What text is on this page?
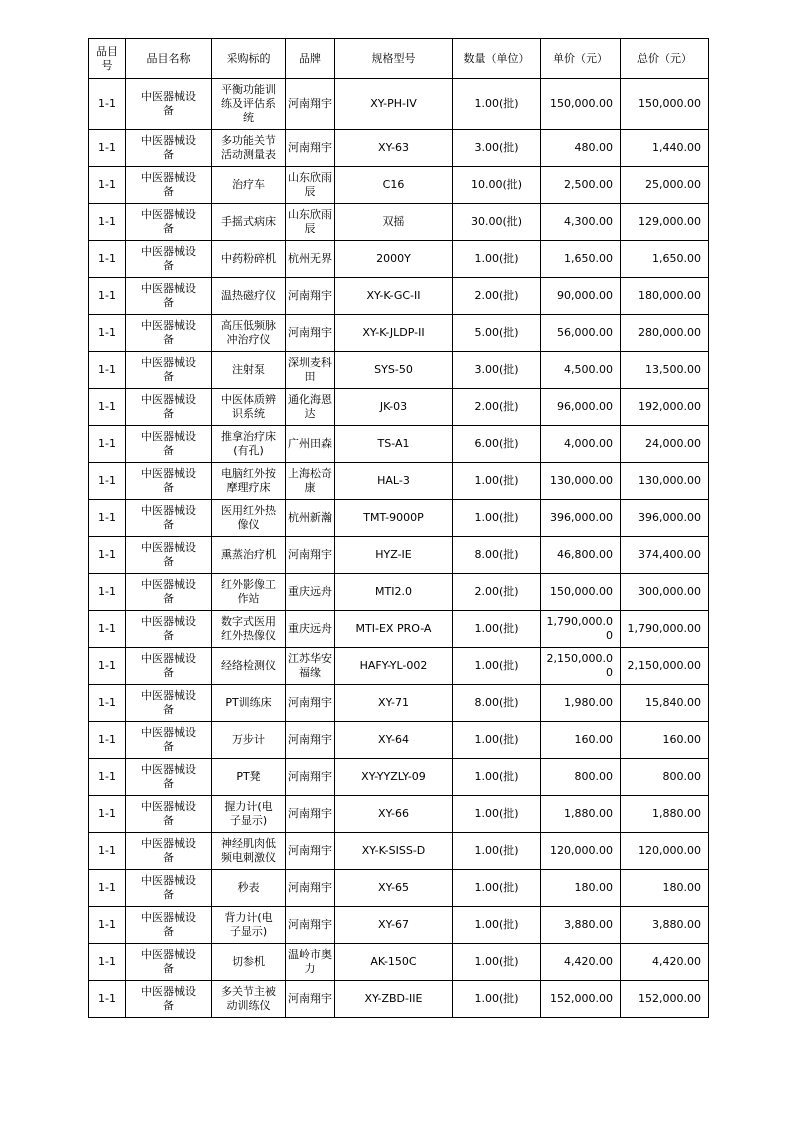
品目号	品目名称	采购标的	品牌	规格型号	数量（单位）	单价（元）	总价（元）
1-1	中医器械设备	平衡功能训练及评估系统	河南翔宇	XY-PH-IV	1.00(批)	150,000.00	150,000.00
1-1	中医器械设备	多功能关节活动测量表	河南翔宇	XY-63	3.00(批)	480.00	1,440.00
1-1	中医器械设备	治疗车	山东欣雨辰	C16	10.00(批)	2,500.00	25,000.00
1-1	中医器械设备	手摇式病床	山东欣雨辰	双摇	30.00(批)	4,300.00	129,000.00
1-1	中医器械设备	中药粉碎机	杭州无界	2000Y	1.00(批)	1,650.00	1,650.00
1-1	中医器械设备	温热磁疗仪	河南翔宇	XY-K-GC-II	2.00(批)	90,000.00	180,000.00
1-1	中医器械设备	高压低频脉冲治疗仪	河南翔宇	XY-K-JLDP-II	5.00(批)	56,000.00	280,000.00
1-1	中医器械设备	注射泵	深圳麦科田	SYS-50	3.00(批)	4,500.00	13,500.00
1-1	中医器械设备	中医体质辨识系统	通化海恩达	JK-03	2.00(批)	96,000.00	192,000.00
1-1	中医器械设备	推拿治疗床(有孔)	广州田森	TS-A1	6.00(批)	4,000.00	24,000.00
1-1	中医器械设备	电脑红外按摩理疗床	上海松奇康	HAL-3	1.00(批)	130,000.00	130,000.00
1-1	中医器械设备	医用红外热像仪	杭州新瀚	TMT-9000P	1.00(批)	396,000.00	396,000.00
1-1	中医器械设备	熏蒸治疗机	河南翔宇	HYZ-IE	8.00(批)	46,800.00	374,400.00
1-1	中医器械设备	红外影像工作站	重庆远舟	MTI2.0	2.00(批)	150,000.00	300,000.00
1-1	中医器械设备	数字式医用红外热像仪	重庆远舟	MTI-EX PRO-A	1.00(批)	1,790,000.00	1,790,000.00
1-1	中医器械设备	经络检测仪	江苏华安福缘	HAFY-YL-002	1.00(批)	2,150,000.00	2,150,000.00
1-1	中医器械设备	PT训练床	河南翔宇	XY-71	8.00(批)	1,980.00	15,840.00
1-1	中医器械设备	万步计	河南翔宇	XY-64	1.00(批)	160.00	160.00
1-1	中医器械设备	PT凳	河南翔宇	XY-YYZLY-09	1.00(批)	800.00	800.00
1-1	中医器械设备	握力计(电子显示)	河南翔宇	XY-66	1.00(批)	1,880.00	1,880.00
1-1	中医器械设备	神经肌肉低频电刺激仪	河南翔宇	XY-K-SISS-D	1.00(批)	120,000.00	120,000.00
1-1	中医器械设备	秒表	河南翔宇	XY-65	1.00(批)	180.00	180.00
1-1	中医器械设备	背力计(电子显示)	河南翔宇	XY-67	1.00(批)	3,880.00	3,880.00
1-1	中医器械设备	切参机	温岭市奥力	AK-150C	1.00(批)	4,420.00	4,420.00
1-1	中医器械设备	多关节主被动训练仪	河南翔宇	XY-ZBD-IIE	1.00(批)	152,000.00	152,000.00
